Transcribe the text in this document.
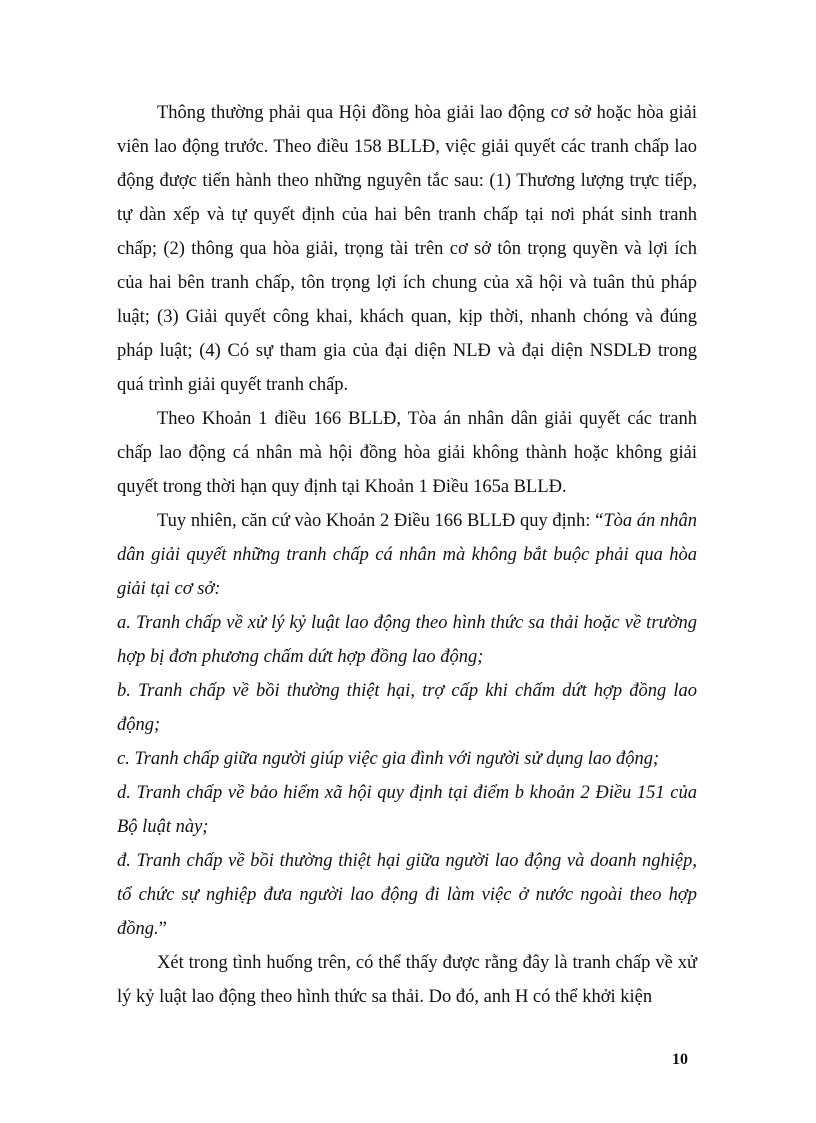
Thông thường phải qua Hội đồng hòa giải lao động cơ sở hoặc hòa giải viên lao động trước. Theo điều 158 BLLĐ, việc giải quyết các tranh chấp lao động được tiến hành theo những nguyên tắc sau: (1) Thương lượng trực tiếp, tự dàn xếp và tự quyết định của hai bên tranh chấp tại nơi phát sinh tranh chấp; (2) thông qua hòa giải, trọng tài trên cơ sở tôn trọng quyền và lợi ích của hai bên tranh chấp, tôn trọng lợi ích chung của xã hội và tuân thủ pháp luật; (3) Giải quyết công khai, khách quan, kịp thời, nhanh chóng và đúng pháp luật; (4) Có sự tham gia của đại diện NLĐ và đại diện NSDLĐ trong quá trình giải quyết tranh chấp.

Theo Khoản 1 điều 166 BLLĐ, Tòa án nhân dân giải quyết các tranh chấp lao động cá nhân mà hội đồng hòa giải không thành hoặc không giải quyết trong thời hạn quy định tại Khoản 1 Điều 165a BLLĐ.

Tuy nhiên, căn cứ vào Khoản 2 Điều 166 BLLĐ quy định: “Tòa án nhân dân giải quyết những tranh chấp cá nhân mà không bắt buộc phải qua hòa giải tại cơ sở:

a. Tranh chấp về xử lý kỷ luật lao động theo hình thức sa thải hoặc về trường hợp bị đơn phương chấm dứt hợp đồng lao động;

b. Tranh chấp về bồi thường thiệt hại, trợ cấp khi chấm dứt hợp đồng lao động;

c. Tranh chấp giữa người giúp việc gia đình với người sử dụng lao động;

d. Tranh chấp về bảo hiểm xã hội quy định tại điểm b khoản 2 Điều 151 của Bộ luật này;

đ. Tranh chấp về bồi thường thiệt hại giữa người lao động và doanh nghiệp, tổ chức sự nghiệp đưa người lao động đi làm việc ở nước ngoài theo hợp đồng.”

Xét trong tình huống trên, có thể thấy được rằng đây là tranh chấp về xử lý kỷ luật lao động theo hình thức sa thải. Do đó, anh H có thể khởi kiện

10
